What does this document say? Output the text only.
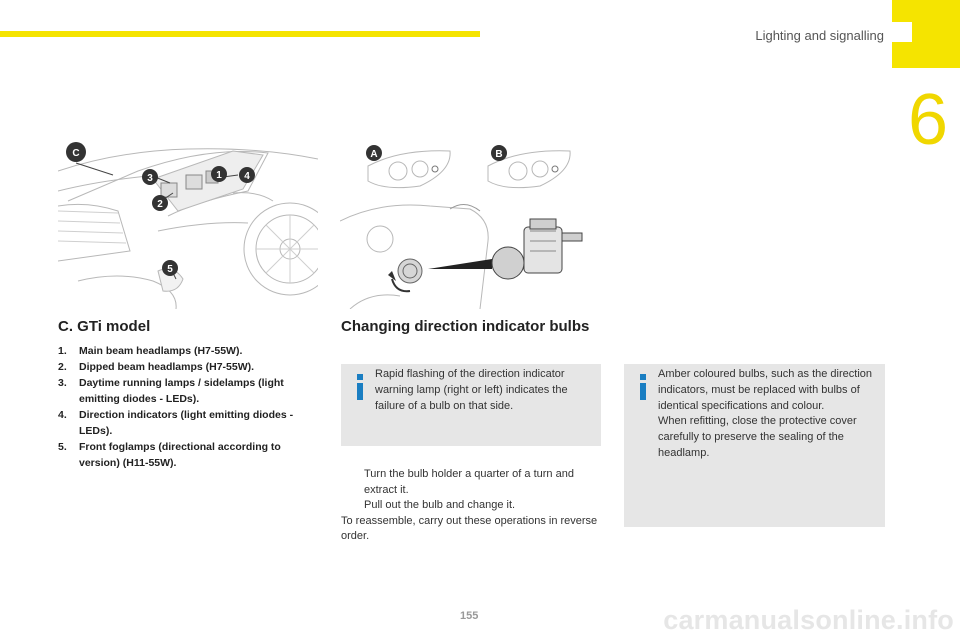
Lighting and signalling
6
C
1
2
3	4
5
A	B
C. GTi model
1. Main beam headlamps (H7-55W).
2. Dipped beam headlamps (H7-55W).
3. Daytime running lamps / sidelamps (light emitting diodes - LEDs).
4. Direction indicators (light emitting diodes - LEDs).
5. Front foglamps (directional according to version) (H11-55W).
Changing direction indicator bulbs
Rapid flashing of the direction indicator warning lamp (right or left) indicates the failure of a bulb on that side.
Turn the bulb holder a quarter of a turn and extract it.
Pull out the bulb and change it.
To reassemble, carry out these operations in reverse order.
Amber coloured bulbs, such as the direction indicators, must be replaced with bulbs of identical specifications and colour.
When refitting, close the protective cover carefully to preserve the sealing of the headlamp.
155	carmanualsonline.info
